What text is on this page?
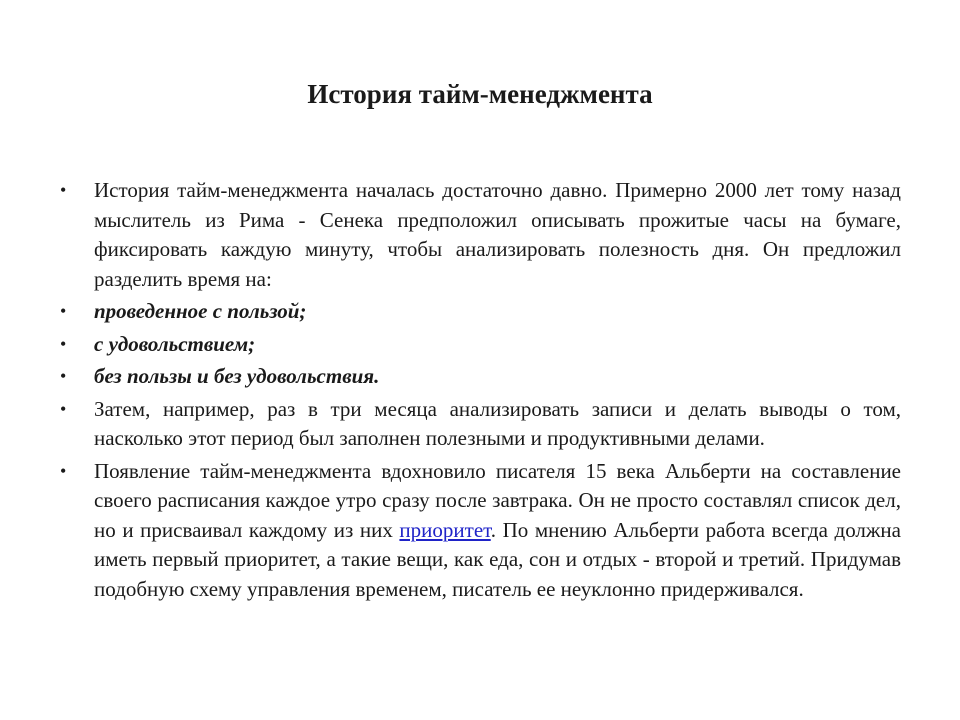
История тайм-менеджмента
•	История тайм-менеджмента началась достаточно давно. Примерно 2000 лет тому назад мыслитель из Рима - Сенека предположил описывать прожитые часы на бумаге, фиксировать каждую минуту, чтобы анализировать полезность дня. Он предложил разделить время на:
•	проведенное с пользой;
•	с удовольствием;
•	без пользы и без удовольствия.
•	Затем, например, раз в три месяца анализировать записи и делать выводы о том, насколько этот период был заполнен полезными и продуктивными делами.
•	Появление тайм-менеджмента вдохновило писателя 15 века Альберти на составление своего расписания каждое утро сразу после завтрака. Он не просто составлял список дел, но и присваивал каждому из них приоритет. По мнению Альберти работа всегда должна иметь первый приоритет, а такие вещи, как еда, сон и отдых - второй и третий. Придумав подобную схему управления временем, писатель ее неуклонно придерживался.
